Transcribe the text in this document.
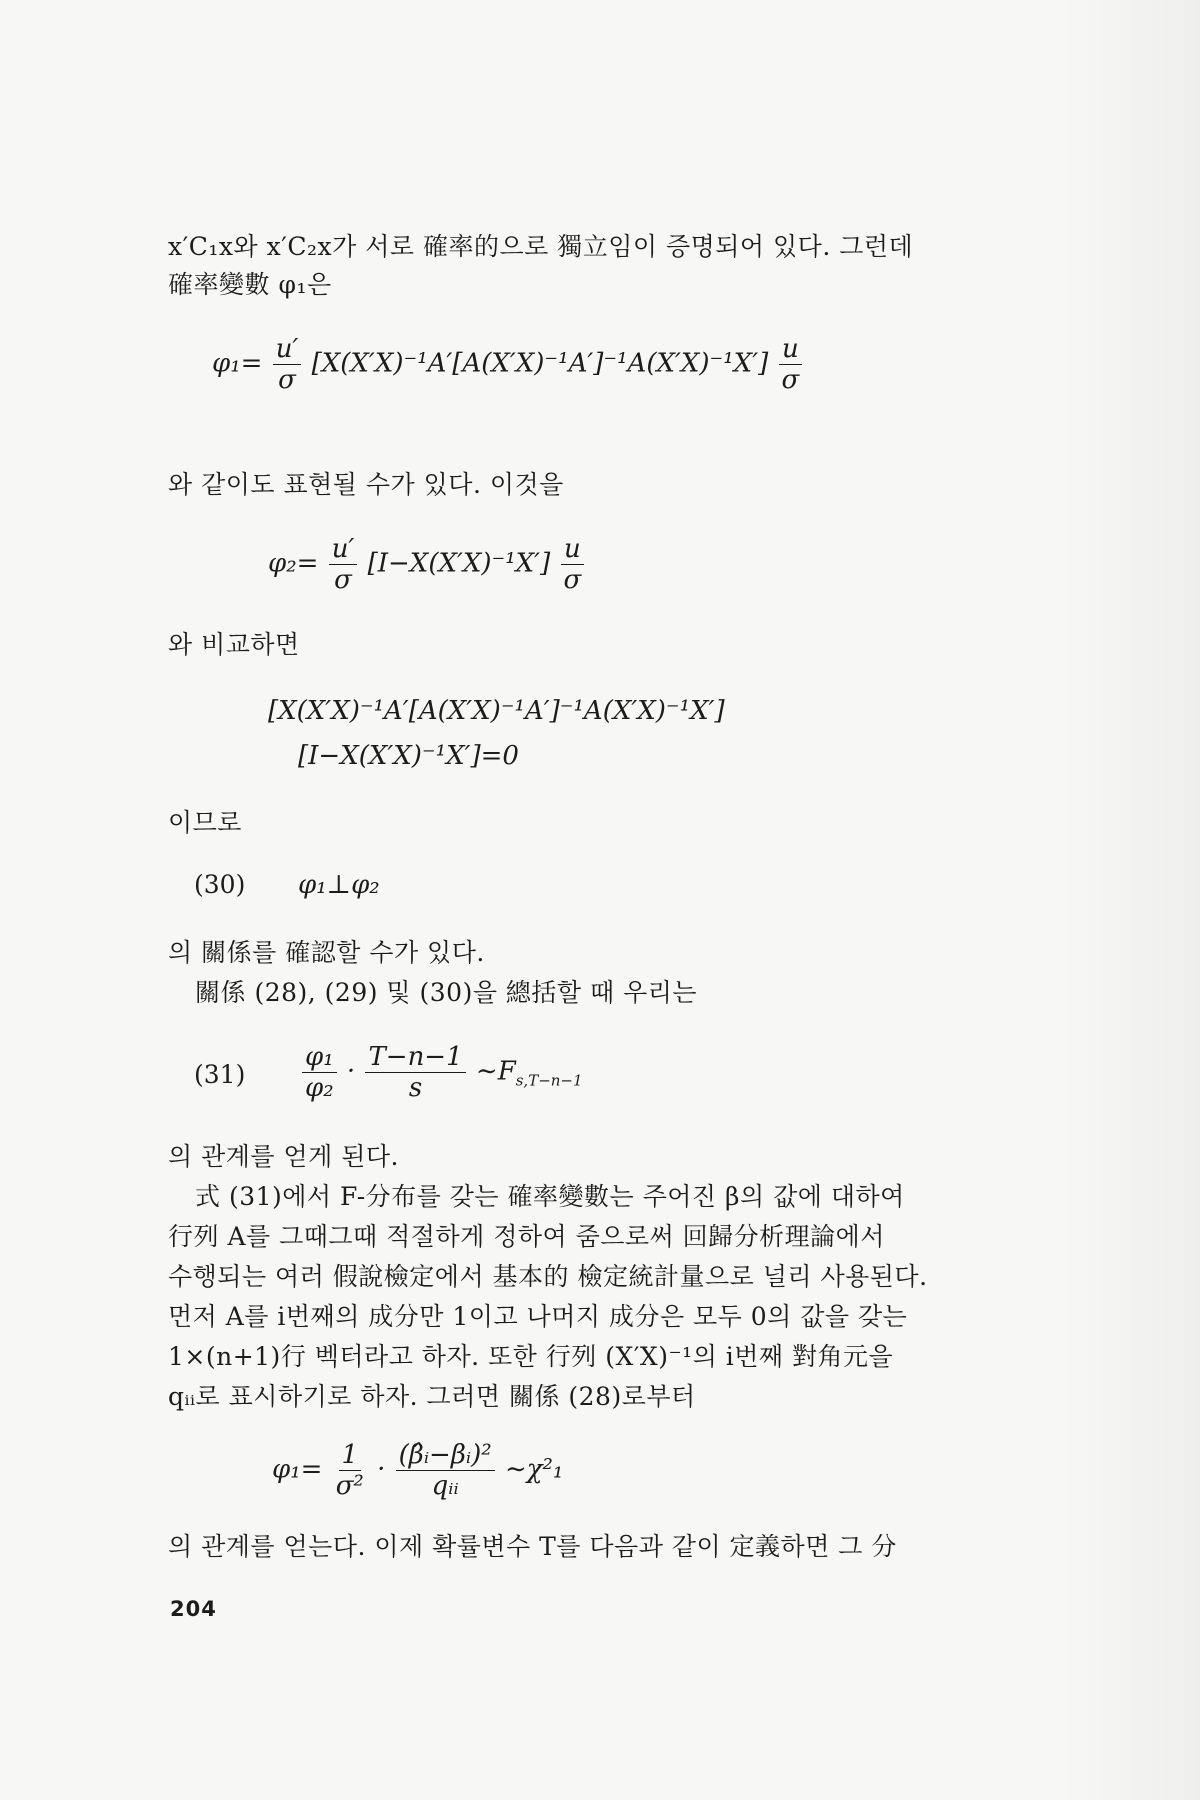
x′C₁x와 x′C₂x가 서로 確率的으로 獨立임이 증명되어 있다. 그런데
確率變數 φ₁은
$\varphi_1= \frac{u'}{\sigma} [X(X'X)^{-1}A'[A(X'X)^{-1}A']^{-1}A(X'X)^{-1}X'] \frac{u}{\sigma}$
와 같이도 표현될 수가 있다. 이것을
$\varphi_2= \frac{u'}{\sigma} [I-X(X'X)^{-1}X'] \frac{u}{\sigma}$
와 비교하면
[X(X′X)⁻¹A′[A(X′X)⁻¹A′]⁻¹A(X′X)⁻¹X′]
[I−X(X′X)⁻¹X′]=0
이므로
(30) φ₁⊥φ₂
의 關係를 確認할 수가 있다.
關係 (28), (29) 및 (30)을 總括할 때 우리는
$(31) \frac{\text{φ₁}}{\text{φ₂}} \cdot \frac{T-n-1}{s}$ $\sim F_{s,T-n-1}$
의 관계를 얻게 된다.
式 (31)에서 F-分布를 갖는 確率變數는 주어진 β의 값에 대하여
行列 A를 그때그때 적절하게 정하여 줌으로써 回歸分析理論에서
수행되는 여러 假說檢定에서 基本的 檢定統計量으로 널리 사용된다.
먼저 A를 i번째의 成分만 1이고 나머지 成分은 모두 0의 값을 갖는
1×(n+1)行 벡터라고 하자. 또한 行列 (X′X)⁻¹의 i번째 對角元을
qᵢᵢ로 표시하기로 하자. 그러면 關係 (28)로부터
$\varphi_1= \frac{1}{\text{σ²}} \cdot \frac{\text{(β̂ᵢ−βᵢ)²}}{\text{qᵢᵢ}}$ ∼χ²₁
의 관계를 얻는다. 이제 확률변수 T를 다음과 같이 定義하면 그 分
204
